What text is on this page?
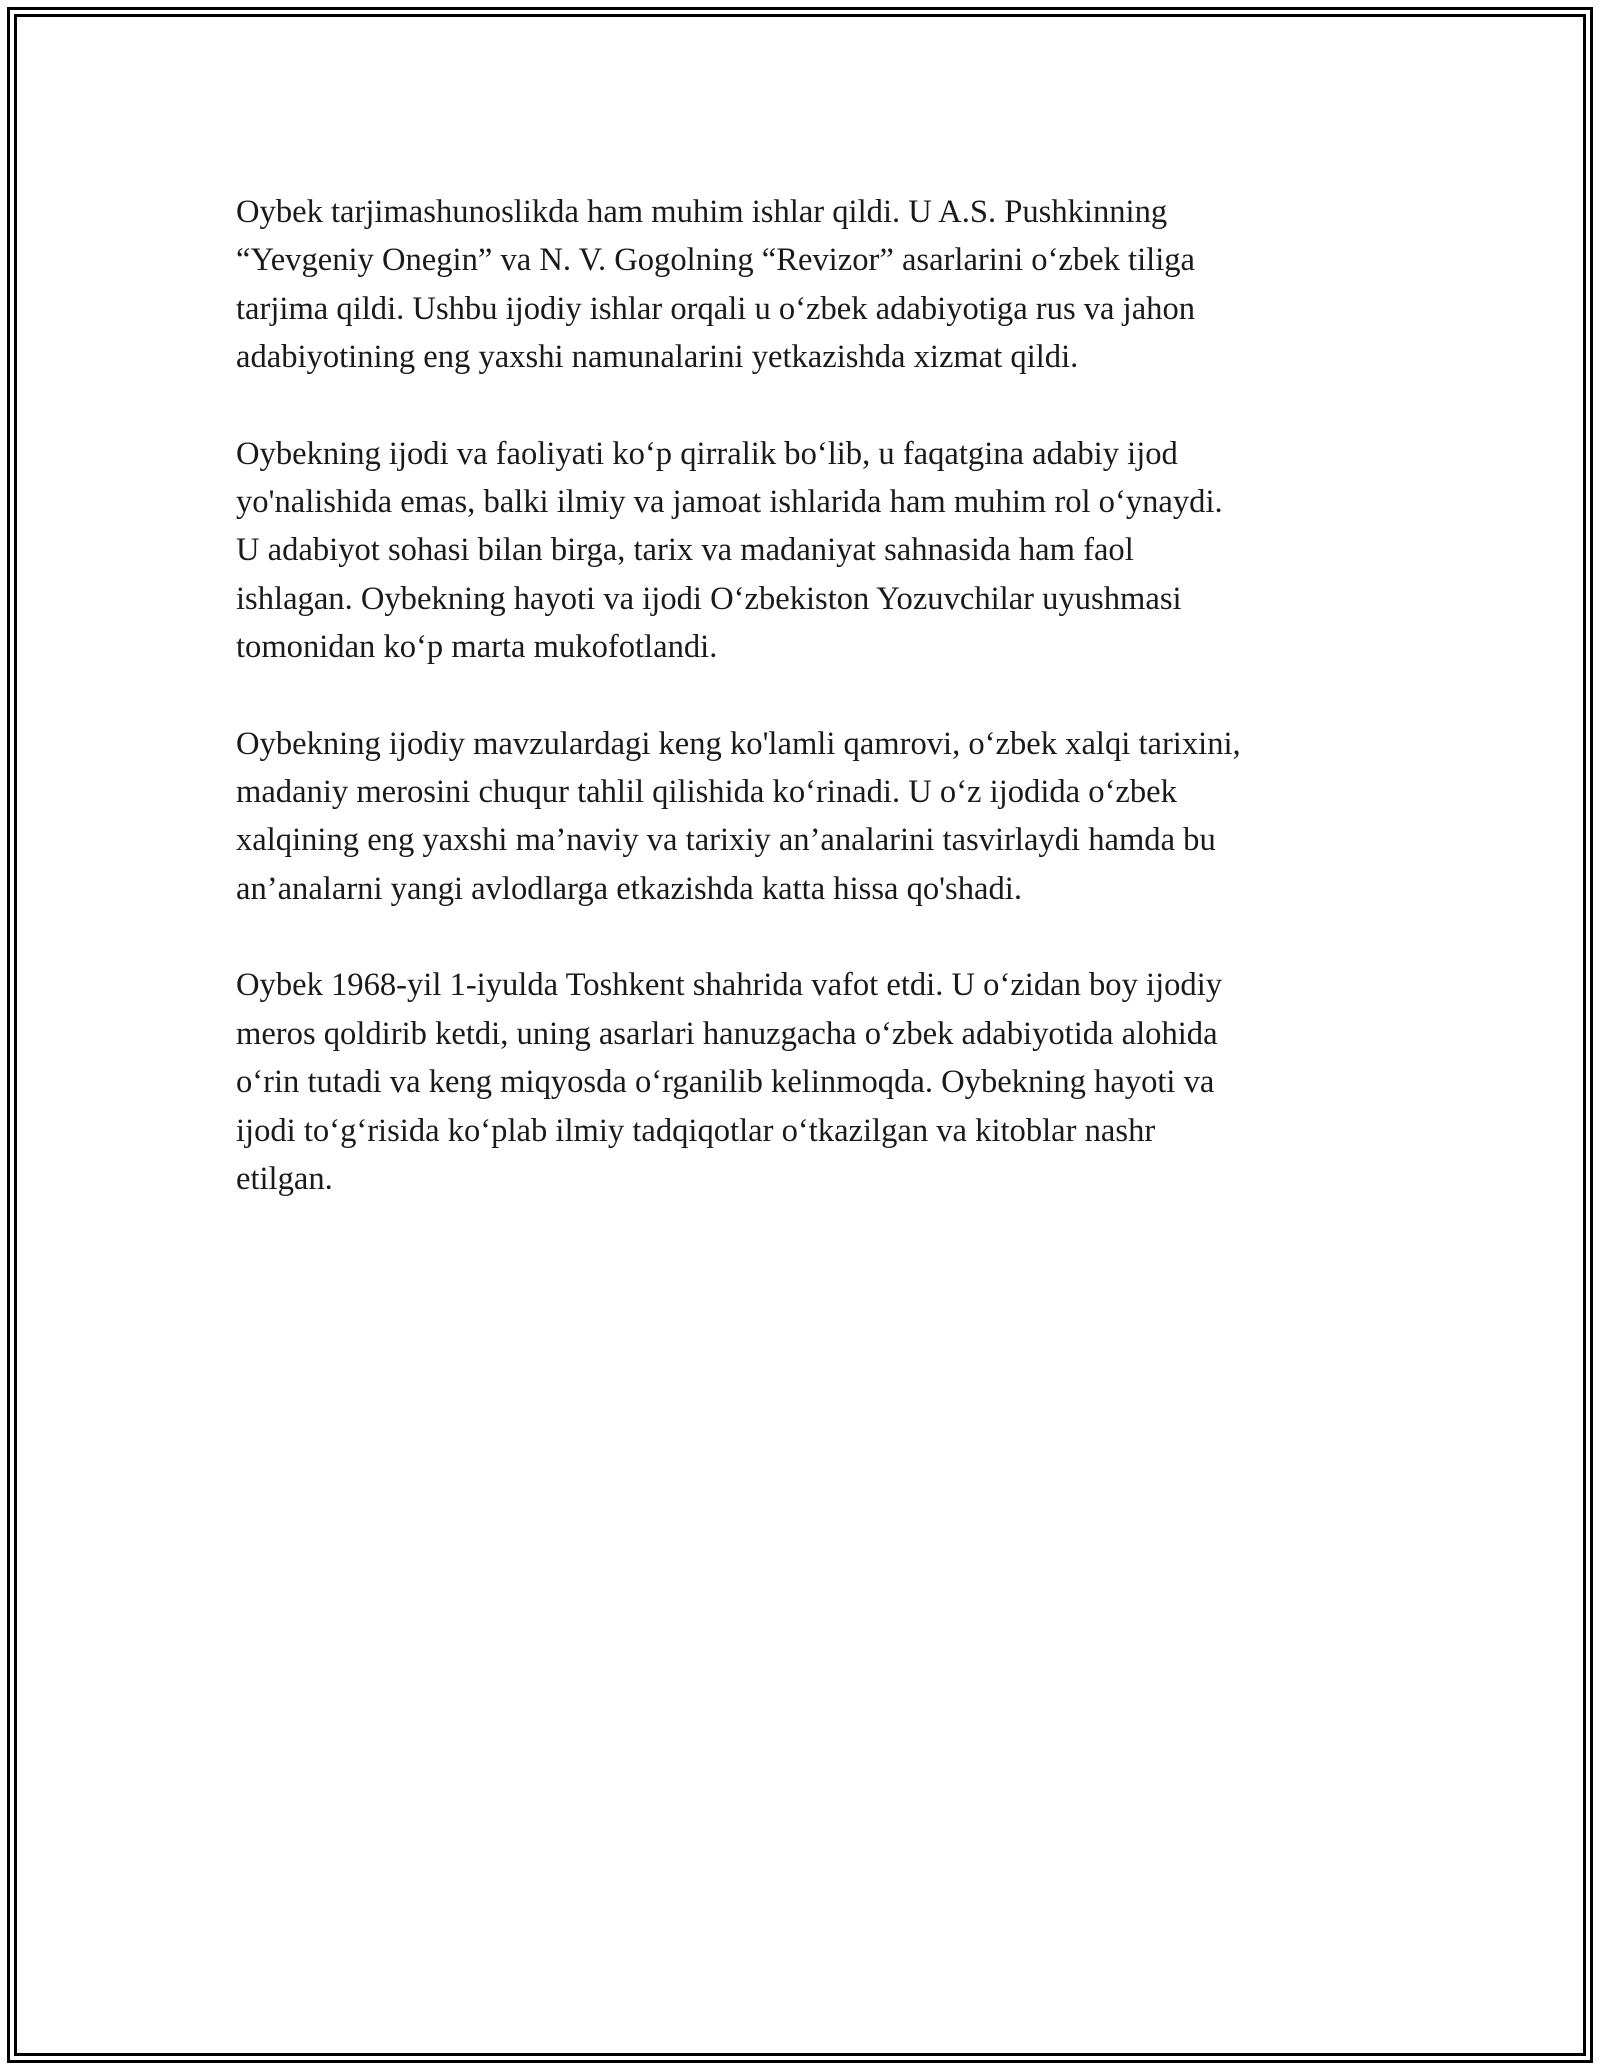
Oybek tarjimashunoslikda ham muhim ishlar qildi. U A.S. Pushkinning
“Yevgeniy Onegin” va N. V. Gogolning “Revizor” asarlarini o‘zbek tiliga
tarjima qildi. Ushbu ijodiy ishlar orqali u o‘zbek adabiyotiga rus va jahon
adabiyotining eng yaxshi namunalarini yetkazishda xizmat qildi.

Oybekning ijodi va faoliyati ko‘p qirralik bo‘lib, u faqatgina adabiy ijod
yo'nalishida emas, balki ilmiy va jamoat ishlarida ham muhim rol o‘ynaydi.
U adabiyot sohasi bilan birga, tarix va madaniyat sahnasida ham faol
ishlagan. Oybekning hayoti va ijodi O‘zbekiston Yozuvchilar uyushmasi
tomonidan ko‘p marta mukofotlandi.

Oybekning ijodiy mavzulardagi keng ko'lamli qamrovi, o‘zbek xalqi tarixini,
madaniy merosini chuqur tahlil qilishida ko‘rinadi. U o‘z ijodida o‘zbek
xalqining eng yaxshi ma’naviy va tarixiy an’analarini tasvirlaydi hamda bu
an’analarni yangi avlodlarga etkazishda katta hissa qo'shadi.

Oybek 1968-yil 1-iyulda Toshkent shahrida vafot etdi. U o‘zidan boy ijodiy
meros qoldirib ketdi, uning asarlari hanuzgacha o‘zbek adabiyotida alohida
o‘rin tutadi va keng miqyosda o‘rganilib kelinmoqda. Oybekning hayoti va
ijodi to‘g‘risida ko‘plab ilmiy tadqiqotlar o‘tkazilgan va kitoblar nashr
etilgan.
